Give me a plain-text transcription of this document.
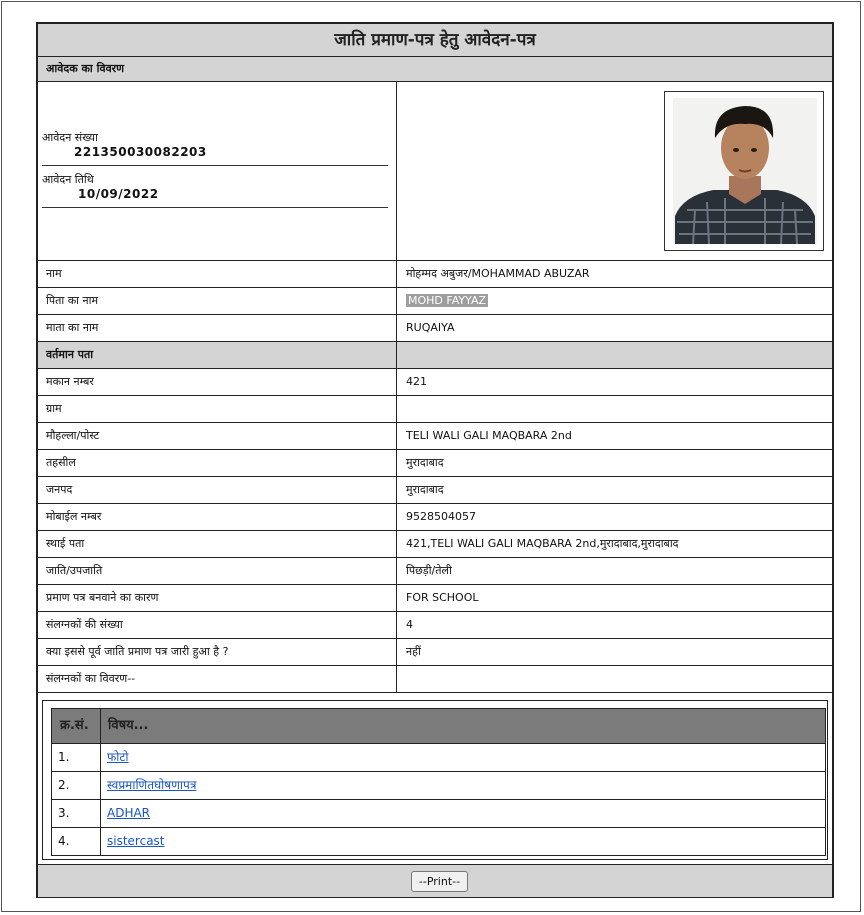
जाति प्रमाण-पत्र हेतु आवेदन-पत्र
आवेदक का विवरण
आवेदन संख्या
221350030082203
आवेदन तिथि
10/09/2022
नाम	मोहम्मद अबुजर/MOHAMMAD ABUZAR
पिता का नाम	MOHD FAYYAZ
माता का नाम	RUQAIYA
वर्तमान पता
मकान नम्बर	421
ग्राम
मौहल्ला/पोस्ट	TELI WALI GALI MAQBARA 2nd
तहसील	मुरादाबाद
जनपद	मुरादाबाद
मोबाईल नम्बर	9528504057
स्थाई पता	421,TELI WALI GALI MAQBARA 2nd,मुरादाबाद,मुरादाबाद
जाति/उपजाति	पिछड़ी/तेली
प्रमाण पत्र बनवाने का कारण	FOR SCHOOL
संलग्नकों की संख्या	4
क्या इससे पूर्व जाति प्रमाण पत्र जारी हुआ है ?	नहीं
संलग्नकों का विवरण--
क्र.सं. विषय...
1.	फोटो
2.	स्वप्रमाणितघोषणापत्र
3.	ADHAR
4.	sistercast
--Print--
